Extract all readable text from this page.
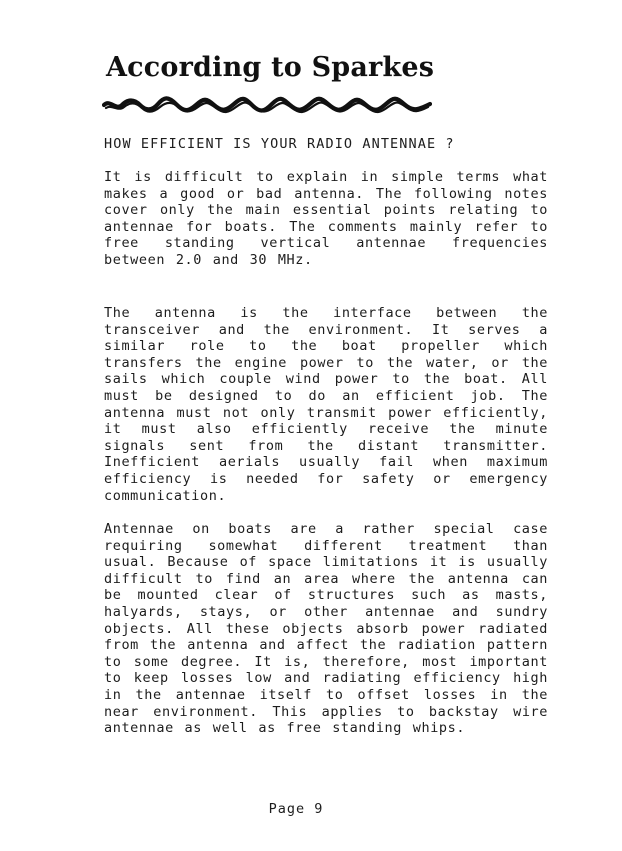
According to Sparkes
HOW EFFICIENT IS YOUR RADIO ANTENNAE ?

It is difficult to explain in simple terms what makes a good or bad antenna. The following notes cover only the main essential points relating to antennae for boats. The comments mainly refer to free standing vertical antennae frequencies between 2.0 and 30 MHz.

The antenna is the interface between the transceiver and the environment. It serves a similar role to the boat propeller which transfers the engine power to the water, or the sails which couple wind power to the boat. All must be designed to do an efficient job. The antenna must not only transmit power efficiently, it must also efficiently receive the minute signals sent from the distant transmitter. Inefficient aerials usually fail when maximum efficiency is needed for safety or emergency communication.

Antennae on boats are a rather special case requiring somewhat different treatment than usual. Because of space limitations it is usually difficult to find an area where the antenna can be mounted clear of structures such as masts, halyards, stays, or other antennae and sundry objects. All these objects absorb power radiated from the antenna and affect the radiation pattern to some degree. It is, therefore, most important to keep losses low and radiating efficiency high in the antennae itself to offset losses in the near environment. This applies to backstay wire antennae as well as free standing whips.

Page 9
